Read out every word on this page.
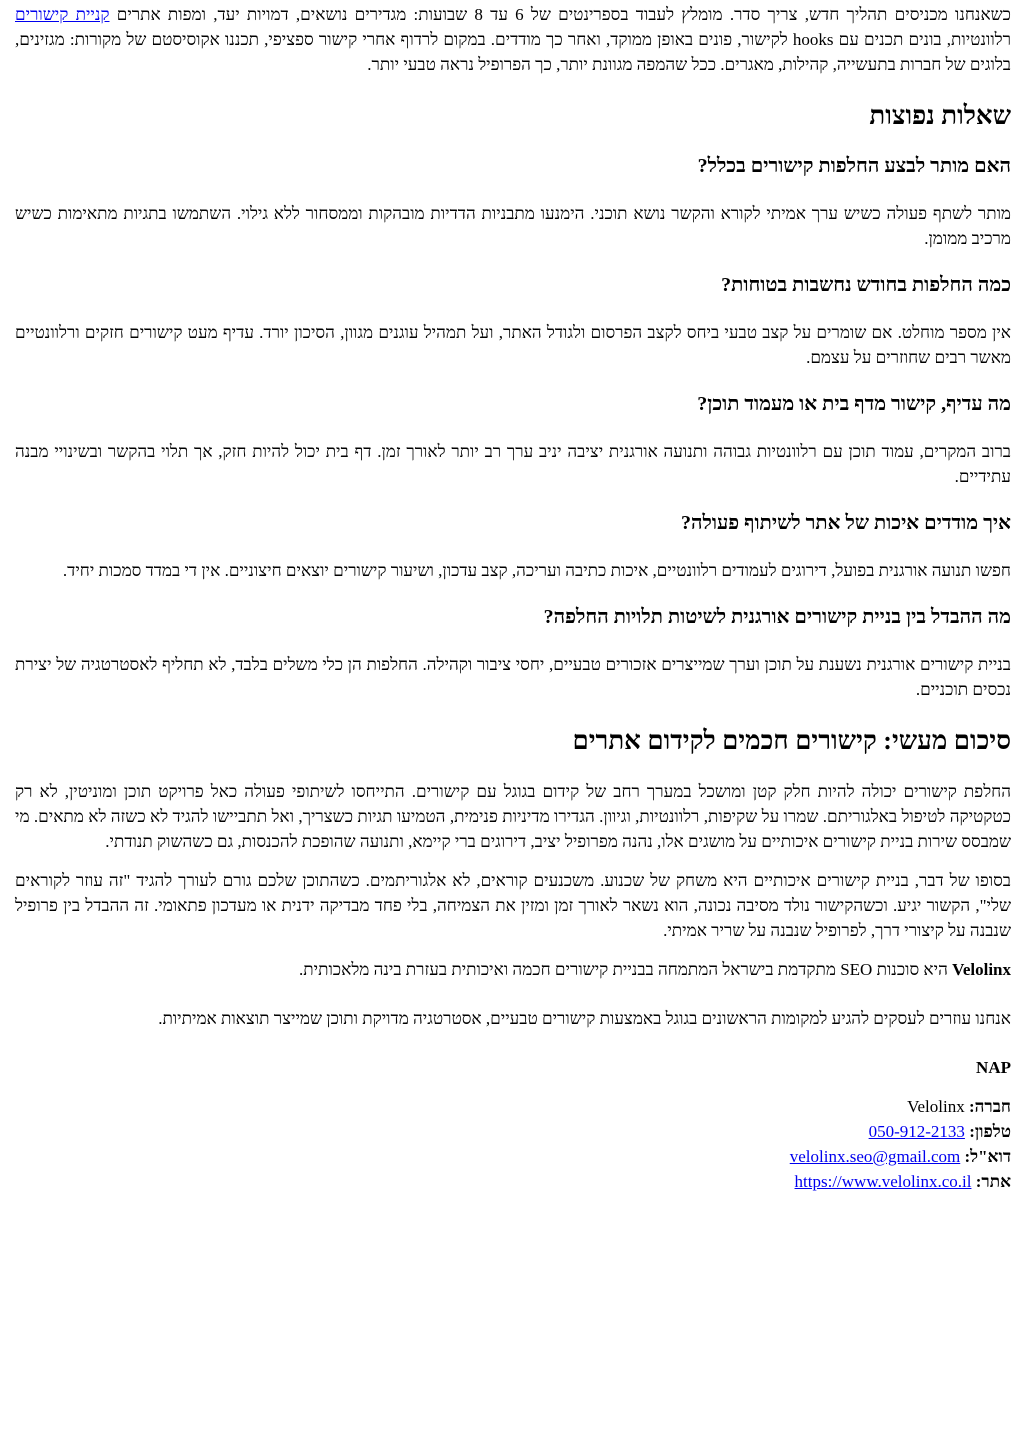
כשאנחנו מכניסים תהליך חדש, צריך סדר. מומלץ לעבוד בספרינטים של 6 עד 8 שבועות: מגדירים נושאים, דמויות יעד, ומפות אתרים קניית קישורים רלוונטיות, בונים תכנים עם hooks לקישור, פונים באופן ממוקד, ואחר כך מודדים. במקום לרדוף אחרי קישור ספציפי, תכננו אקוסיסטם של מקורות: מגזינים, בלוגים של חברות בתעשייה, קהילות, מאגרים. ככל שהמפה מגוונת יותר, כך הפרופיל נראה טבעי יותר.

שאלות נפוצות
האם מותר לבצע החלפות קישורים בכלל?

מותר לשתף פעולה כשיש ערך אמיתי לקורא והקשר נושא תוכני. הימנעו מתבניות הדדיות מובהקות וממסחור ללא גילוי. השתמשו בתגיות מתאימות כשיש מרכיב ממומן.

כמה החלפות בחודש נחשבות בטוחות?

אין מספר מוחלט. אם שומרים על קצב טבעי ביחס לקצב הפרסום ולגודל האתר, ועל תמהיל עוגנים מגוון, הסיכון יורד. עדיף מעט קישורים חזקים ורלוונטיים מאשר רבים שחוזרים על עצמם.

מה עדיף, קישור מדף בית או מעמוד תוכן?

ברוב המקרים, עמוד תוכן עם רלוונטיות גבוהה ותנועה אורגנית יציבה יניב ערך רב יותר לאורך זמן. דף בית יכול להיות חזק, אך תלוי בהקשר ובשינויי מבנה עתידיים.

איך מודדים איכות של אתר לשיתוף פעולה?

חפשו תנועה אורגנית בפועל, דירוגים לעמודים רלוונטיים, איכות כתיבה ועריכה, קצב עדכון, ושיעור קישורים יוצאים חיצוניים. אין די במדד סמכות יחיד.

מה ההבדל בין בניית קישורים אורגנית לשיטות תלויות החלפה?

בניית קישורים אורגנית נשענת על תוכן וערך שמייצרים אזכורים טבעיים, יחסי ציבור וקהילה. החלפות הן כלי משלים בלבד, לא תחליף לאסטרטגיה של יצירת נכסים תוכניים.

סיכום מעשי: קישורים חכמים לקידום אתרים

החלפת קישורים יכולה להיות חלק קטן ומושכל במערך רחב של קידום בגוגל עם קישורים. התייחסו לשיתופי פעולה כאל פרויקט תוכן ומוניטין, לא רק כטקטיקה לטיפול באלגוריתם. שמרו על שקיפות, רלוונטיות, וגיוון. הגדירו מדיניות פנימית, הטמיעו תגיות כשצריך, ואל תתביישו להגיד לא כשזה לא מתאים. מי שמבסס שירות בניית קישורים איכותיים על מושגים אלו, נהנה מפרופיל יציב, דירוגים ברי קיימא, ותנועה שהופכת להכנסות, גם כשהשוק תנודתי.

בסופו של דבר, בניית קישורים איכותיים היא משחק של שכנוע. משכנעים קוראים, לא אלגוריתמים. כשהתוכן שלכם גורם לעורך להגיד "זה עוזר לקוראים שלי", הקשור יגיע. וכשהקישור נולד מסיבה נכונה, הוא נשאר לאורך זמן ומזין את הצמיחה, בלי פחד מבדיקה ידנית או מעדכון פתאומי. זה ההבדל בין פרופיל שנבנה על קיצורי דרך, לפרופיל שנבנה על שריר אמיתי.

Velolinx היא סוכנות SEO מתקדמת בישראל המתמחה בבניית קישורים חכמה ואיכותית בעזרת בינה מלאכותית.

אנחנו עוזרים לעסקים להגיע למקומות הראשונים בגוגל באמצעות קישורים טבעיים, אסטרטגיה מדויקת ותוכן שמייצר תוצאות אמיתיות.

NAP

חברה: Velolinx
טלפון: 050-912-2133
דוא"ל: velolinx.seo@gmail.com
אתר: https://www.velolinx.co.il
